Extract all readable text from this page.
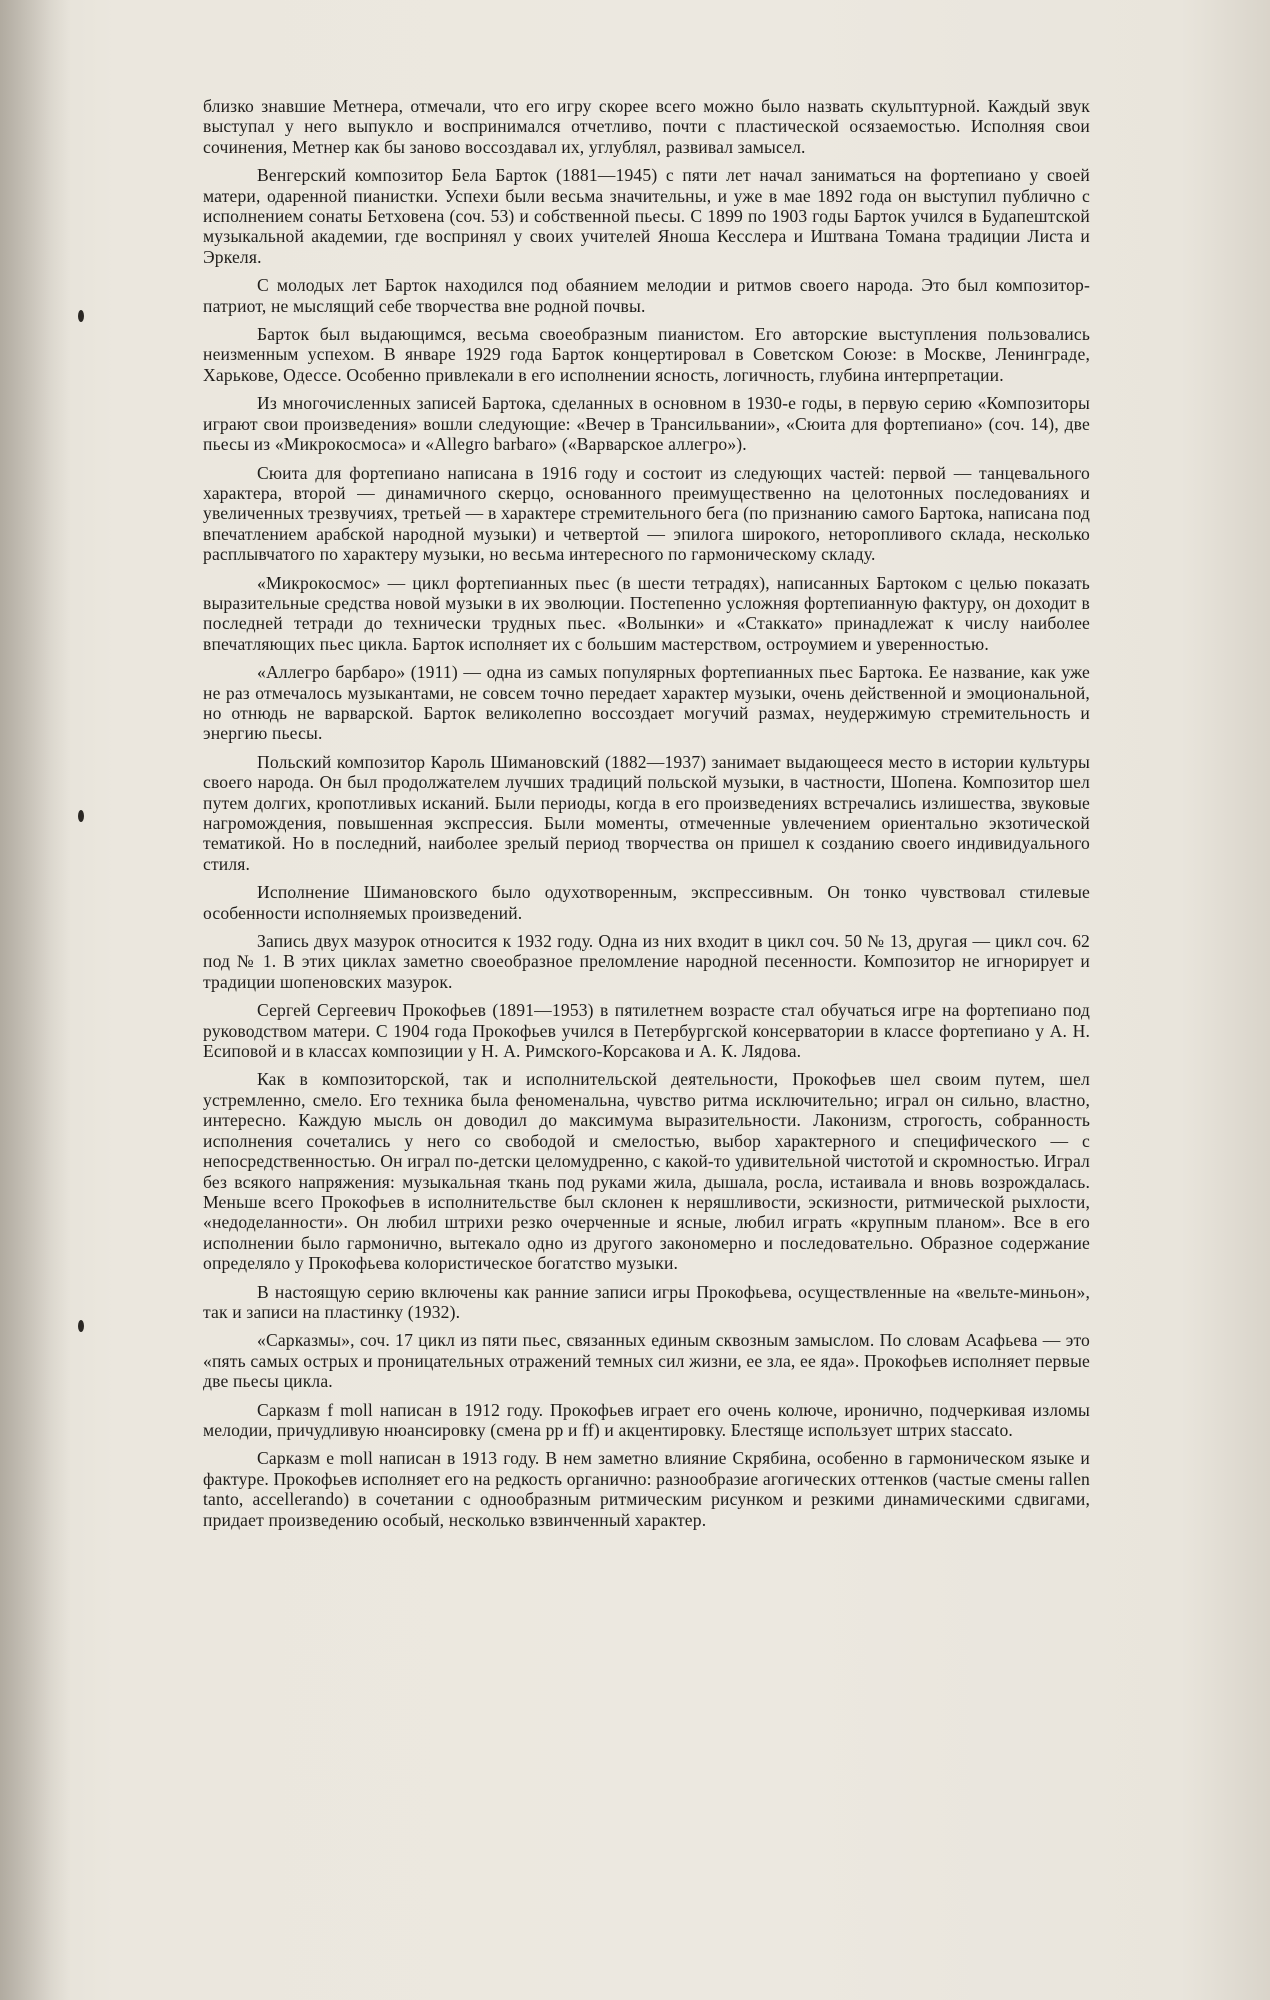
близко знавшие Метнера, отмечали, что его игру скорее всего можно было назвать скульптурной. Каждый звук выступал у него выпукло и воспринимался отчетливо, почти с пластической осязаемостью. Исполняя свои сочинения, Метнер как бы заново воссоздавал их, углублял, развивал замысел.

Венгерский композитор Бела Барток (1881—1945) с пяти лет начал заниматься на фортепиано у своей матери, одаренной пианистки. Успехи были весьма значительны, и уже в мае 1892 года он выступил публично с исполнением сонаты Бетховена (соч. 53) и собственной пьесы. С 1899 по 1903 годы Барток учился в Будапештской музыкальной академии, где воспринял у своих учителей Яноша Кесслера и Иштвана Томана традиции Листа и Эркеля.

С молодых лет Барток находился под обаянием мелодии и ритмов своего народа. Это был композитор-патриот, не мыслящий себе творчества вне родной почвы.

Барток был выдающимся, весьма своеобразным пианистом. Его авторские выступления пользовались неизменным успехом. В январе 1929 года Барток концертировал в Советском Союзе: в Москве, Ленинграде, Харькове, Одессе. Особенно привлекали в его исполнении ясность, логичность, глубина интерпретации.

Из многочисленных записей Бартока, сделанных в основном в 1930-е годы, в первую серию «Композиторы играют свои произведения» вошли следующие: «Вечер в Трансильвании», «Сюита для фортепиано» (соч. 14), две пьесы из «Микрокосмоса» и «Allegro barbaro» («Варварское аллегро»).

Сюита для фортепиано написана в 1916 году и состоит из следующих частей: первой — танцевального характера, второй — динамичного скерцо, основанного преимущественно на целотонных последованиях и увеличенных трезвучиях, третьей — в характере стремительного бега (по признанию самого Бартока, написана под впечатлением арабской народной музыки) и четвертой — эпилога широкого, неторопливого склада, несколько расплывчатого по характеру музыки, но весьма интересного по гармоническому складу.

«Микрокосмос» — цикл фортепианных пьес (в шести тетрадях), написанных Бартоком с целью показать выразительные средства новой музыки в их эволюции. Постепенно усложняя фортепианную фактуру, он доходит в последней тетради до технически трудных пьес. «Волынки» и «Стаккато» принадлежат к числу наиболее впечатляющих пьес цикла. Барток исполняет их с большим мастерством, остроумием и уверенностью.

«Аллегро барбаро» (1911) — одна из самых популярных фортепианных пьес Бартока. Ее название, как уже не раз отмечалось музыкантами, не совсем точно передает характер музыки, очень действенной и эмоциональной, но отнюдь не варварской. Барток великолепно воссоздает могучий размах, неудержимую стремительность и энергию пьесы.

Польский композитор Кароль Шимановский (1882—1937) занимает выдающееся место в истории культуры своего народа. Он был продолжателем лучших традиций польской музыки, в частности, Шопена. Композитор шел путем долгих, кропотливых исканий. Были периоды, когда в его произведениях встречались излишества, звуковые нагромождения, повышенная экспрессия. Были моменты, отмеченные увлечением ориентально экзотической тематикой. Но в последний, наиболее зрелый период творчества он пришел к созданию своего индивидуального стиля.

Исполнение Шимановского было одухотворенным, экспрессивным. Он тонко чувствовал стилевые особенности исполняемых произведений.

Запись двух мазурок относится к 1932 году. Одна из них входит в цикл соч. 50 № 13, другая — цикл соч. 62 под № 1. В этих циклах заметно своеобразное преломление народной песенности. Композитор не игнорирует и традиции шопеновских мазурок.

Сергей Сергеевич Прокофьев (1891—1953) в пятилетнем возрасте стал обучаться игре на фортепиано под руководством матери. С 1904 года Прокофьев учился в Петербургской консерватории в классе фортепиано у А. Н. Есиповой и в классах композиции у Н. А. Римского-Корсакова и А. К. Лядова.

Как в композиторской, так и исполнительской деятельности, Прокофьев шел своим путем, шел устремленно, смело. Его техника была феноменальна, чувство ритма исключительно; играл он сильно, властно, интересно. Каждую мысль он доводил до максимума выразительности. Лаконизм, строгость, собранность исполнения сочетались у него со свободой и смелостью, выбор характерного и специфического — с непосредственностью. Он играл по-детски целомудренно, с какой-то удивительной чистотой и скромностью. Играл без всякого напряжения: музыкальная ткань под руками жила, дышала, росла, истаивала и вновь возрождалась. Меньше всего Прокофьев в исполнительстве был склонен к неряшливости, эскизности, ритмической рыхлости, «недоделанности». Он любил штрихи резко очерченные и ясные, любил играть «крупным планом». Все в его исполнении было гармонично, вытекало одно из другого закономерно и последовательно. Образное содержание определяло у Прокофьева колористическое богатство музыки.

В настоящую серию включены как ранние записи игры Прокофьева, осуществленные на «вельте-миньон», так и записи на пластинку (1932).

«Сарказмы», соч. 17 цикл из пяти пьес, связанных единым сквозным замыслом. По словам Асафьева — это «пять самых острых и проницательных отражений темных сил жизни, ее зла, ее яда». Прокофьев исполняет первые две пьесы цикла.

Сарказм f moll написан в 1912 году. Прокофьев играет его очень колюче, иронично, подчеркивая изломы мелодии, причудливую нюансировку (смена pp и ff) и акцентировку. Блестяще использует штрих staccato.

Сарказм e moll написан в 1913 году. В нем заметно влияние Скрябина, особенно в гармоническом языке и фактуре. Прокофьев исполняет его на редкость органично: разнообразие агогических оттенков (частые смены rallen tanto, accellerando) в сочетании с однообразным ритмическим рисунком и резкими динамическими сдвигами, придает произведению особый, несколько взвинченный характер.
